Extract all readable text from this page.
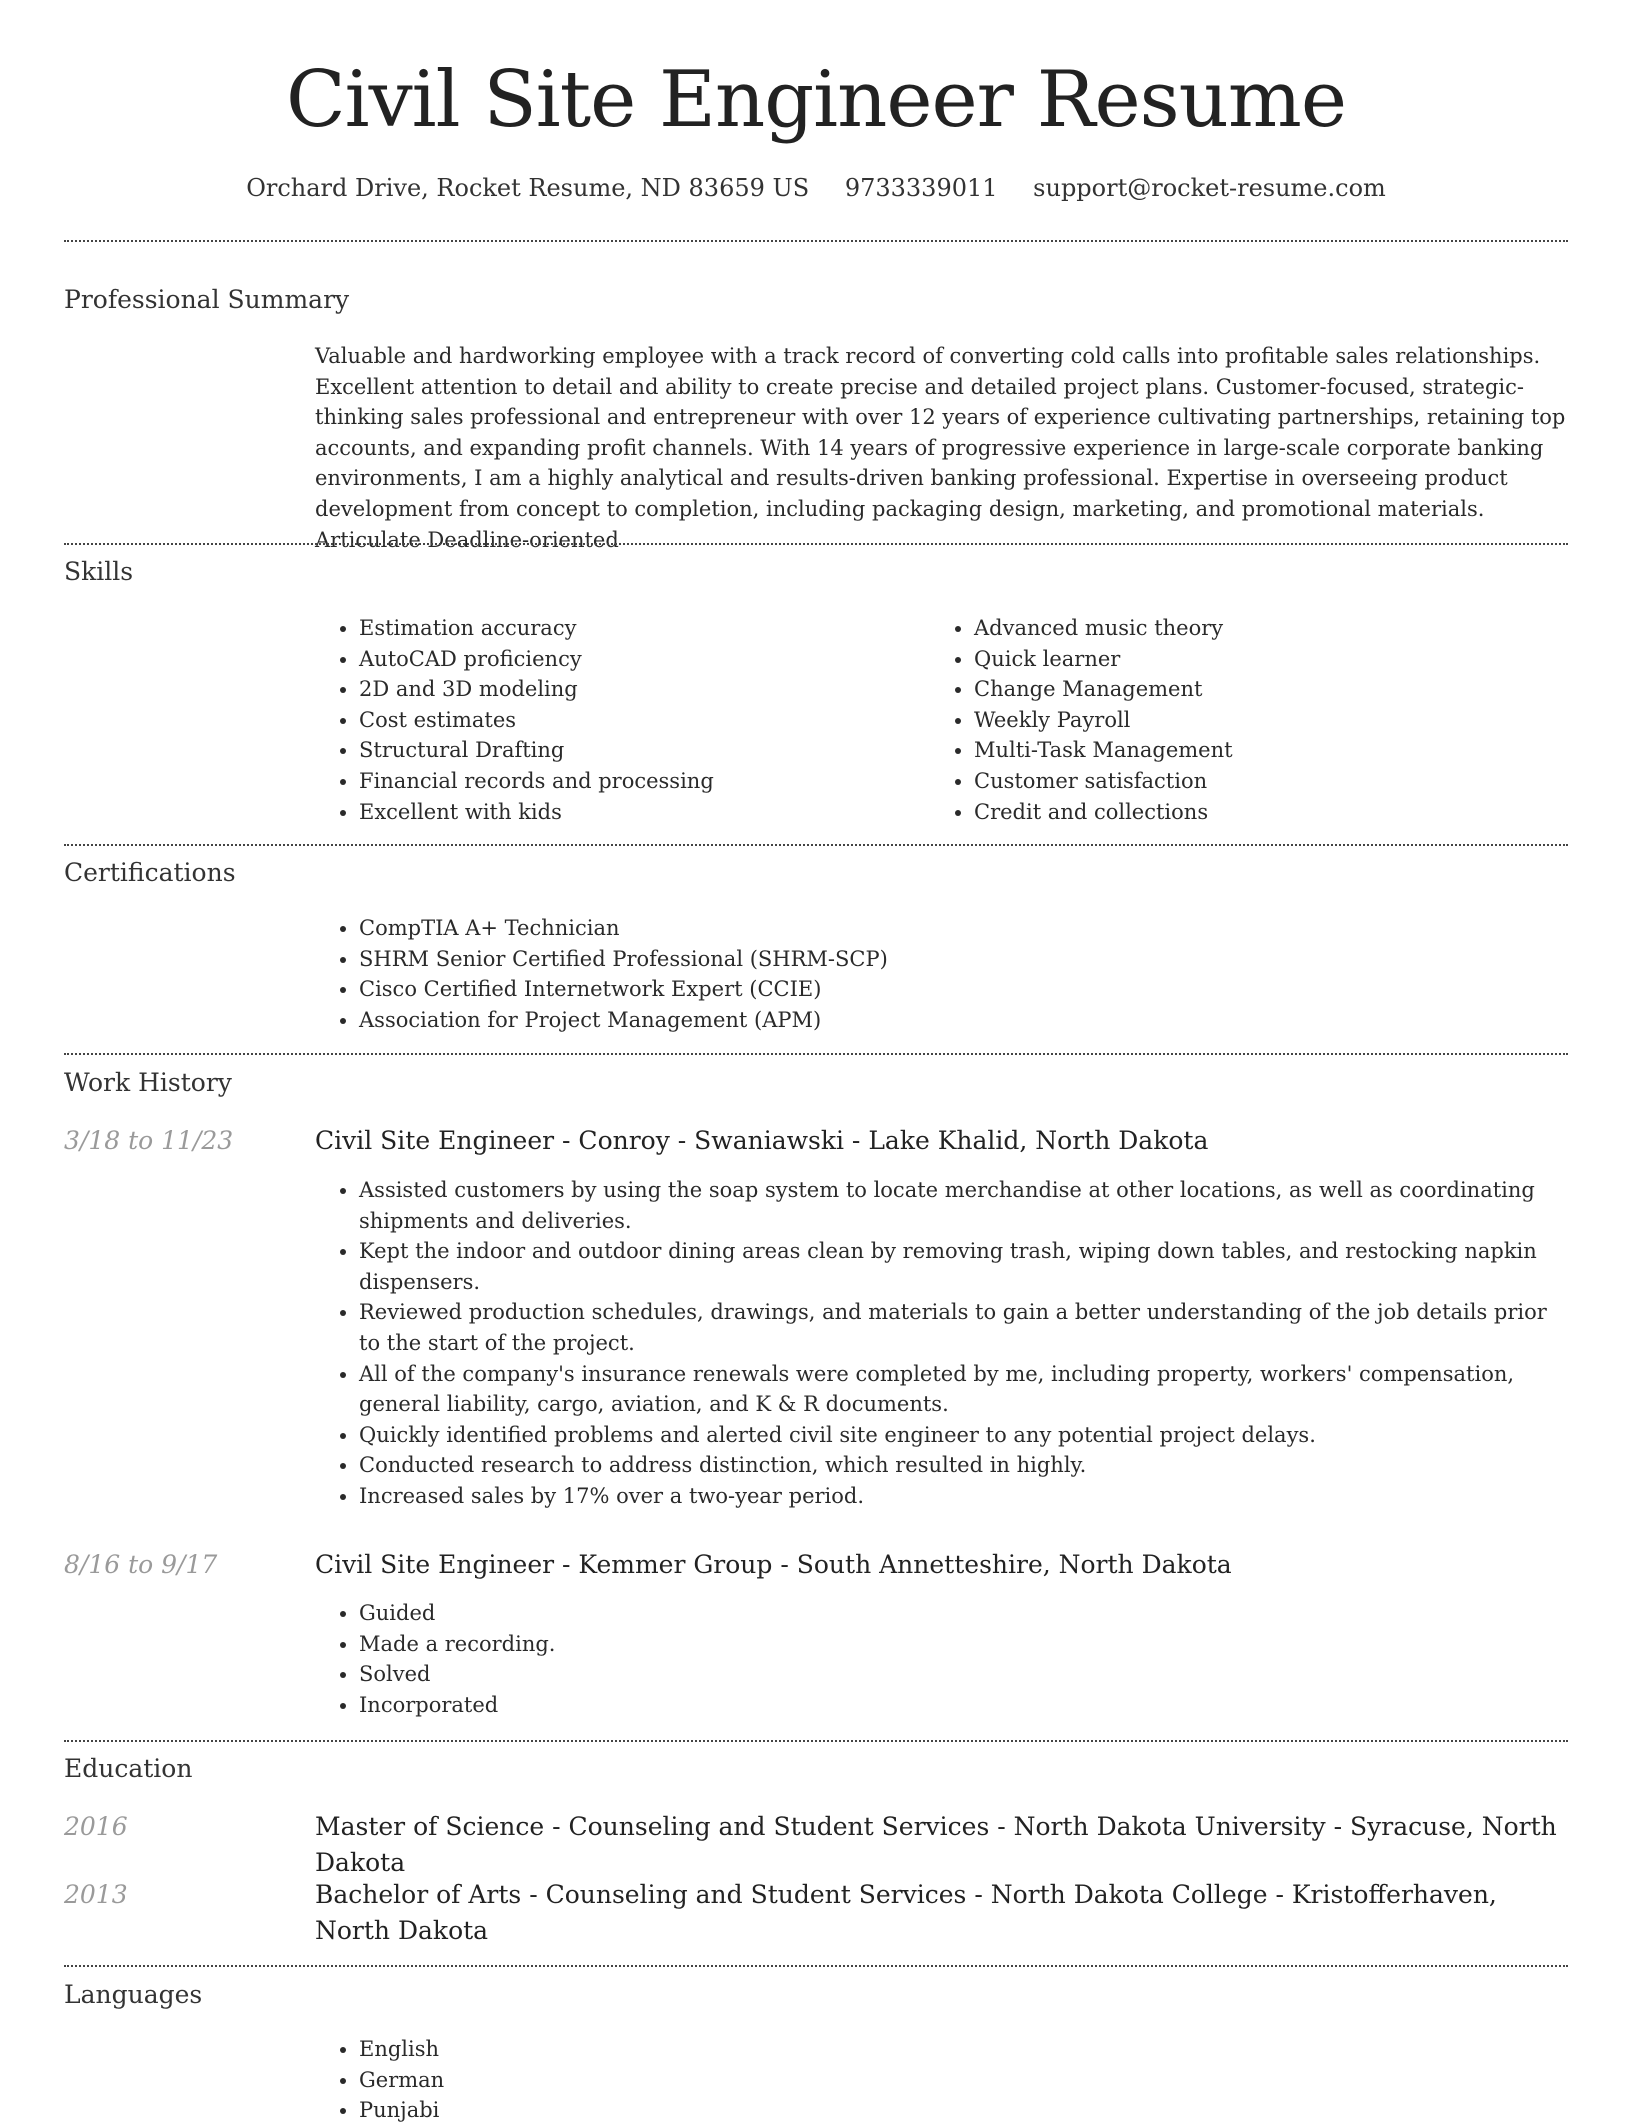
Civil Site Engineer Resume
Orchard Drive, Rocket Resume, ND 83659 US 9733339011 support@rocket-resume.com
Professional Summary
Valuable and hardworking employee with a track record of converting cold calls into profitable sales relationships. Excellent attention to detail and ability to create precise and detailed project plans. Customer-focused, strategic-thinking sales professional and entrepreneur with over 12 years of experience cultivating partnerships, retaining top accounts, and expanding profit channels. With 14 years of progressive experience in large-scale corporate banking environments, I am a highly analytical and results-driven banking professional. Expertise in overseeing product development from concept to completion, including packaging design, marketing, and promotional materials. Articulate Deadline-oriented
Skills
• Estimation accuracy
• AutoCAD proficiency
• 2D and 3D modeling
• Cost estimates
• Structural Drafting
• Financial records and processing
• Excellent with kids
• Advanced music theory
• Quick learner
• Change Management
• Weekly Payroll
• Multi-Task Management
• Customer satisfaction
• Credit and collections
Certifications
• CompTIA A+ Technician
• SHRM Senior Certified Professional (SHRM-SCP)
• Cisco Certified Internetwork Expert (CCIE)
• Association for Project Management (APM)
Work History
3/18 to 11/23	Civil Site Engineer - Conroy - Swaniawski - Lake Khalid, North Dakota
• Assisted customers by using the soap system to locate merchandise at other locations, as well as coordinating shipments and deliveries.
• Kept the indoor and outdoor dining areas clean by removing trash, wiping down tables, and restocking napkin dispensers.
• Reviewed production schedules, drawings, and materials to gain a better understanding of the job details prior to the start of the project.
• All of the company's insurance renewals were completed by me, including property, workers' compensation, general liability, cargo, aviation, and K & R documents.
• Quickly identified problems and alerted civil site engineer to any potential project delays.
• Conducted research to address distinction, which resulted in highly.
• Increased sales by 17% over a two-year period.
8/16 to 9/17	Civil Site Engineer - Kemmer Group - South Annetteshire, North Dakota
• Guided
• Made a recording.
• Solved
• Incorporated
Education
2016	Master of Science - Counseling and Student Services - North Dakota University - Syracuse, North Dakota
2013	Bachelor of Arts - Counseling and Student Services - North Dakota College - Kristofferhaven, North Dakota
Languages
• English
• German
• Punjabi
